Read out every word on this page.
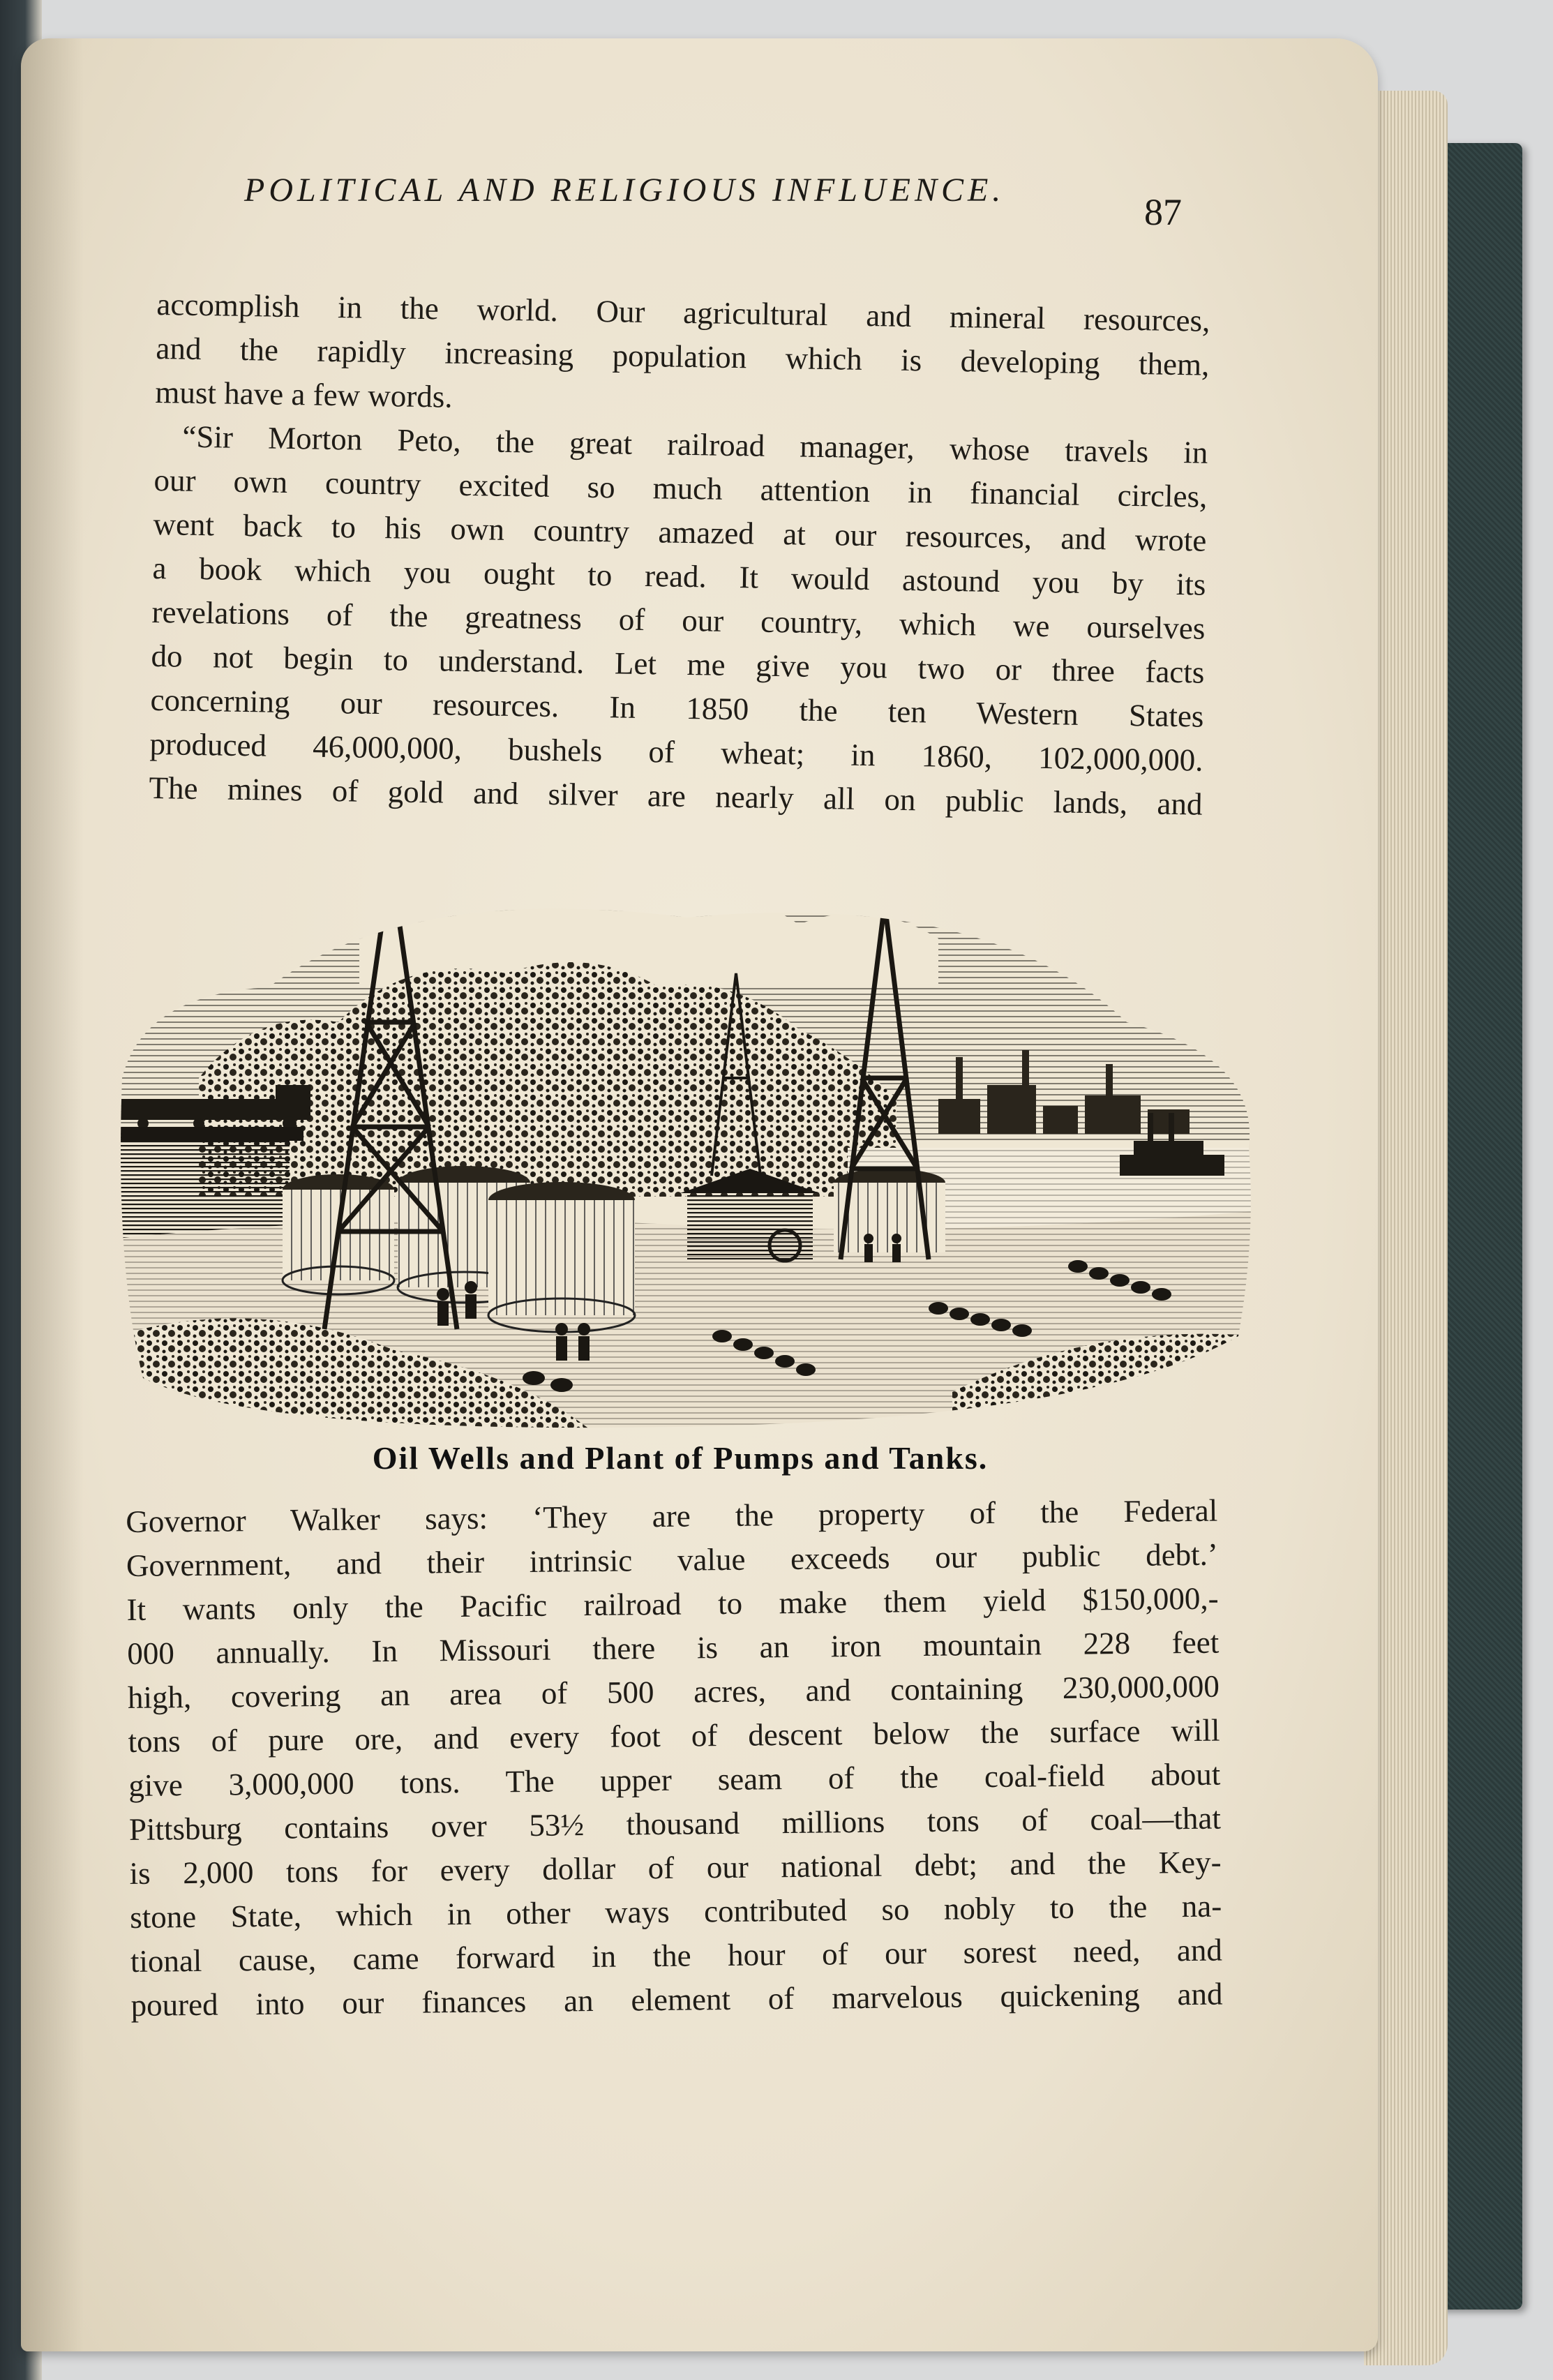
POLITICAL AND RELIGIOUS INFLUENCE.
87
accomplish in the world. Our agricultural and mineral resources,
and the rapidly increasing population which is developing them,
must have a few words.
“Sir Morton Peto, the great railroad manager, whose travels in
our own country excited so much attention in financial circles,
went back to his own country amazed at our resources, and wrote
a book which you ought to read. It would astound you by its
revelations of the greatness of our country, which we ourselves
do not begin to understand. Let me give you two or three facts
concerning our resources. In 1850 the ten Western States
produced 46,000,000, bushels of wheat; in 1860, 102,000,000.
The mines of gold and silver are nearly all on public lands, and
Oil Wells and Plant of Pumps and Tanks.
Governor Walker says: ‘They are the property of the Federal
Government, and their intrinsic value exceeds our public debt.’
It wants only the Pacific railroad to make them yield $150,000,-
000 annually. In Missouri there is an iron mountain 228 feet
high, covering an area of 500 acres, and containing 230,000,000
tons of pure ore, and every foot of descent below the surface will
give 3,000,000 tons. The upper seam of the coal-field about
Pittsburg contains over 53½ thousand millions tons of coal—that
is 2,000 tons for every dollar of our national debt; and the Key-
stone State, which in other ways contributed so nobly to the na-
tional cause, came forward in the hour of our sorest need, and
poured into our finances an element of marvelous quickening and
